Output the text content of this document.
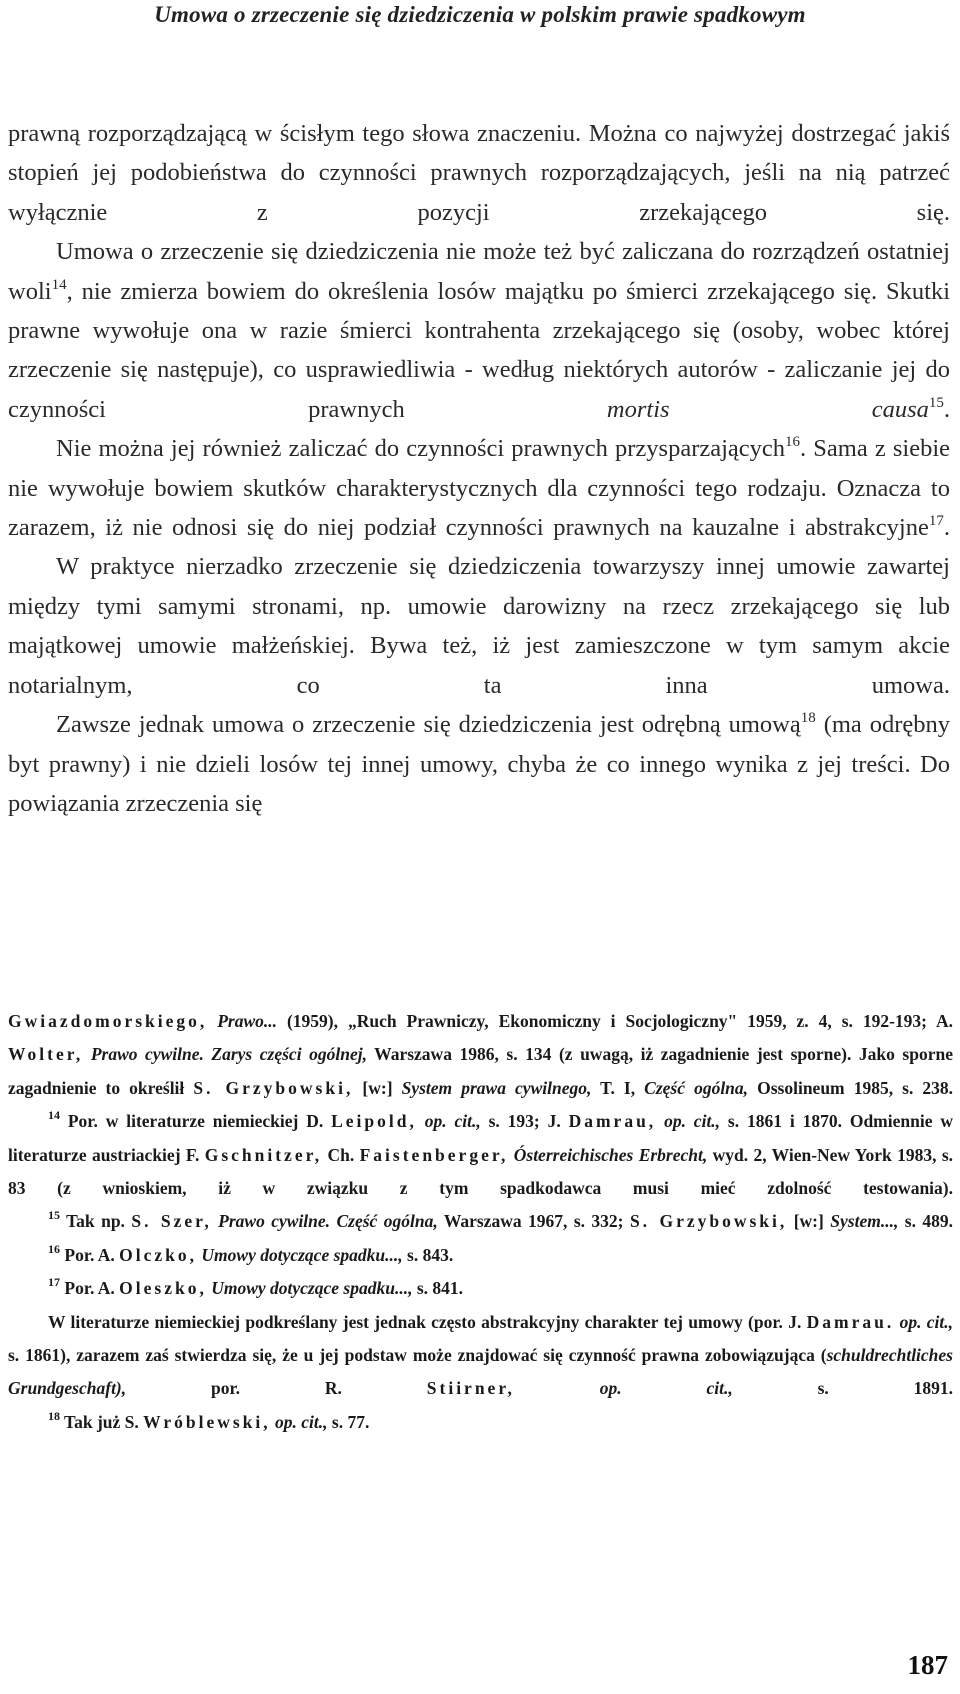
Umowa o zrzeczenie się dziedziczenia w polskim prawie spadkowym

prawną rozporządzającą w ścisłym tego słowa znaczeniu. Można co najwyżej dostrzegać jakiś stopień jej podobieństwa do czynności prawnych rozporządzających, jeśli na nią patrzeć wyłącznie z pozycji zrzekającego się.

Umowa o zrzeczenie się dziedziczenia nie może też być zaliczana do rozrządzeń ostatniej woli$^{14}$, nie zmierza bowiem do określenia losów majątku po śmierci zrzekającego się. Skutki prawne wywołuje ona w razie śmierci kontrahenta zrzekającego się (osoby, wobec której zrzeczenie się następuje), co usprawiedliwia - według niektórych autorów - zaliczanie jej do czynności prawnych mortis causa$^{15}$.

Nie można jej również zaliczać do czynności prawnych przysparzających$^{16}$. Sama z siebie nie wywołuje bowiem skutków charakterystycznych dla czynności tego rodzaju. Oznacza to zarazem, iż nie odnosi się do niej podział czynności prawnych na kauzalne i abstrakcyjne$^{17}$.

W praktyce nierzadko zrzeczenie się dziedziczenia towarzyszy innej umowie zawartej między tymi samymi stronami, np. umowie darowizny na rzecz zrzekającego się lub majątkowej umowie małżeńskiej. Bywa też, iż jest zamieszczone w tym samym akcie notarialnym, co ta inna umowa.

Zawsze jednak umowa o zrzeczenie się dziedziczenia jest odrębną umową$^{18}$ (ma odrębny byt prawny) i nie dzieli losów tej innej umowy, chyba że co innego wynika z jej treści. Do powiązania zrzeczenia się

Gwiazdomorskiego, Prawo... (1959), „Ruch Prawniczy, Ekonomiczny i Socjologiczny" 1959, z. 4, s. 192-193; A. Wolter, Prawo cywilne. Zarys części ogólnej, Warszawa 1986, s. 134 (z uwagą, iż zagadnienie jest sporne). Jako sporne zagadnienie to określił S. Grzybowski, [w:] System prawa cywilnego, T. I, Część ogólna, Ossolineum 1985, s. 238.

$^{14}$ Por. w literaturze niemieckiej D. Leipold, op. cit., s. 193; J. Damrau, op. cit., s. 1861 i 1870. Odmiennie w literaturze austriackiej F. Gschnitzer, Ch. Faistenberger, Ósterreichisches Erbrecht, wyd. 2, Wien-New York 1983, s. 83 (z wnioskiem, iż w związku z tym spadkodawca musi mieć zdolność testowania).

$^{15}$ Tak np. S. Szer, Prawo cywilne. Część ogólna, Warszawa 1967, s. 332; S. Grzybowski, [w:] System..., s. 489.

$^{16}$ Por. A. Olczko, Umowy dotyczące spadku..., s. 843.

$^{17}$ Por. A. Oleszko, Umowy dotyczące spadku..., s. 841.

W literaturze niemieckiej podkreślany jest jednak często abstrakcyjny charakter tej umowy (por. J. Damrau. op. cit., s. 1861), zarazem zaś stwierdza się, że u jej podstaw może znajdować się czynność prawna zobowiązująca (schuldrechtliches Grundgeschaft), por. R. Stiirner,	op. cit., s. 1891.

$^{18}$ Tak już S. Wróblewski, op. cit., s. 77.

187
